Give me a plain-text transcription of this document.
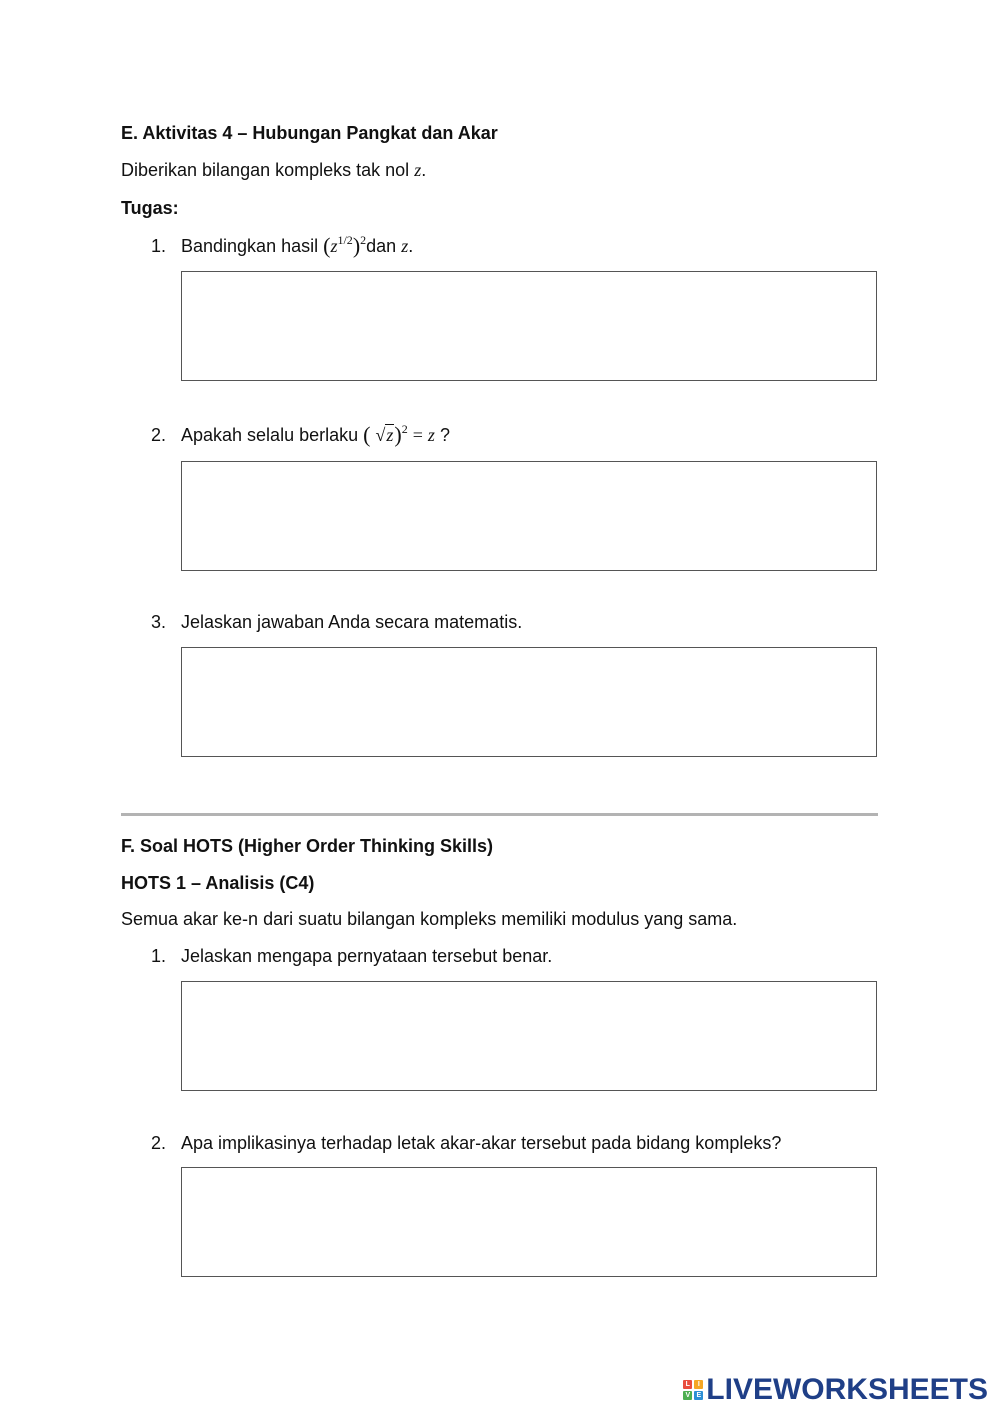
E. Aktivitas 4 – Hubungan Pangkat dan Akar
Diberikan bilangan kompleks tak nol z.
Tugas:
1. Bandingkan hasil $(z^{1/2})^2dan$ z.
2. Apakah selalu berlaku ( √z)$^2$ = z ?
3. Jelaskan jawaban Anda secara matematis.
F. Soal HOTS (Higher Order Thinking Skills)
HOTS 1 – Analisis (C4)
Semua akar ke-n dari suatu bilangan kompleks memiliki modulus yang sama.
1. Jelaskan mengapa pernyataan tersebut benar.
2. Apa implikasinya terhadap letak akar-akar tersebut pada bidang kompleks?
L	I
V E LIVEWORKSHEETS
